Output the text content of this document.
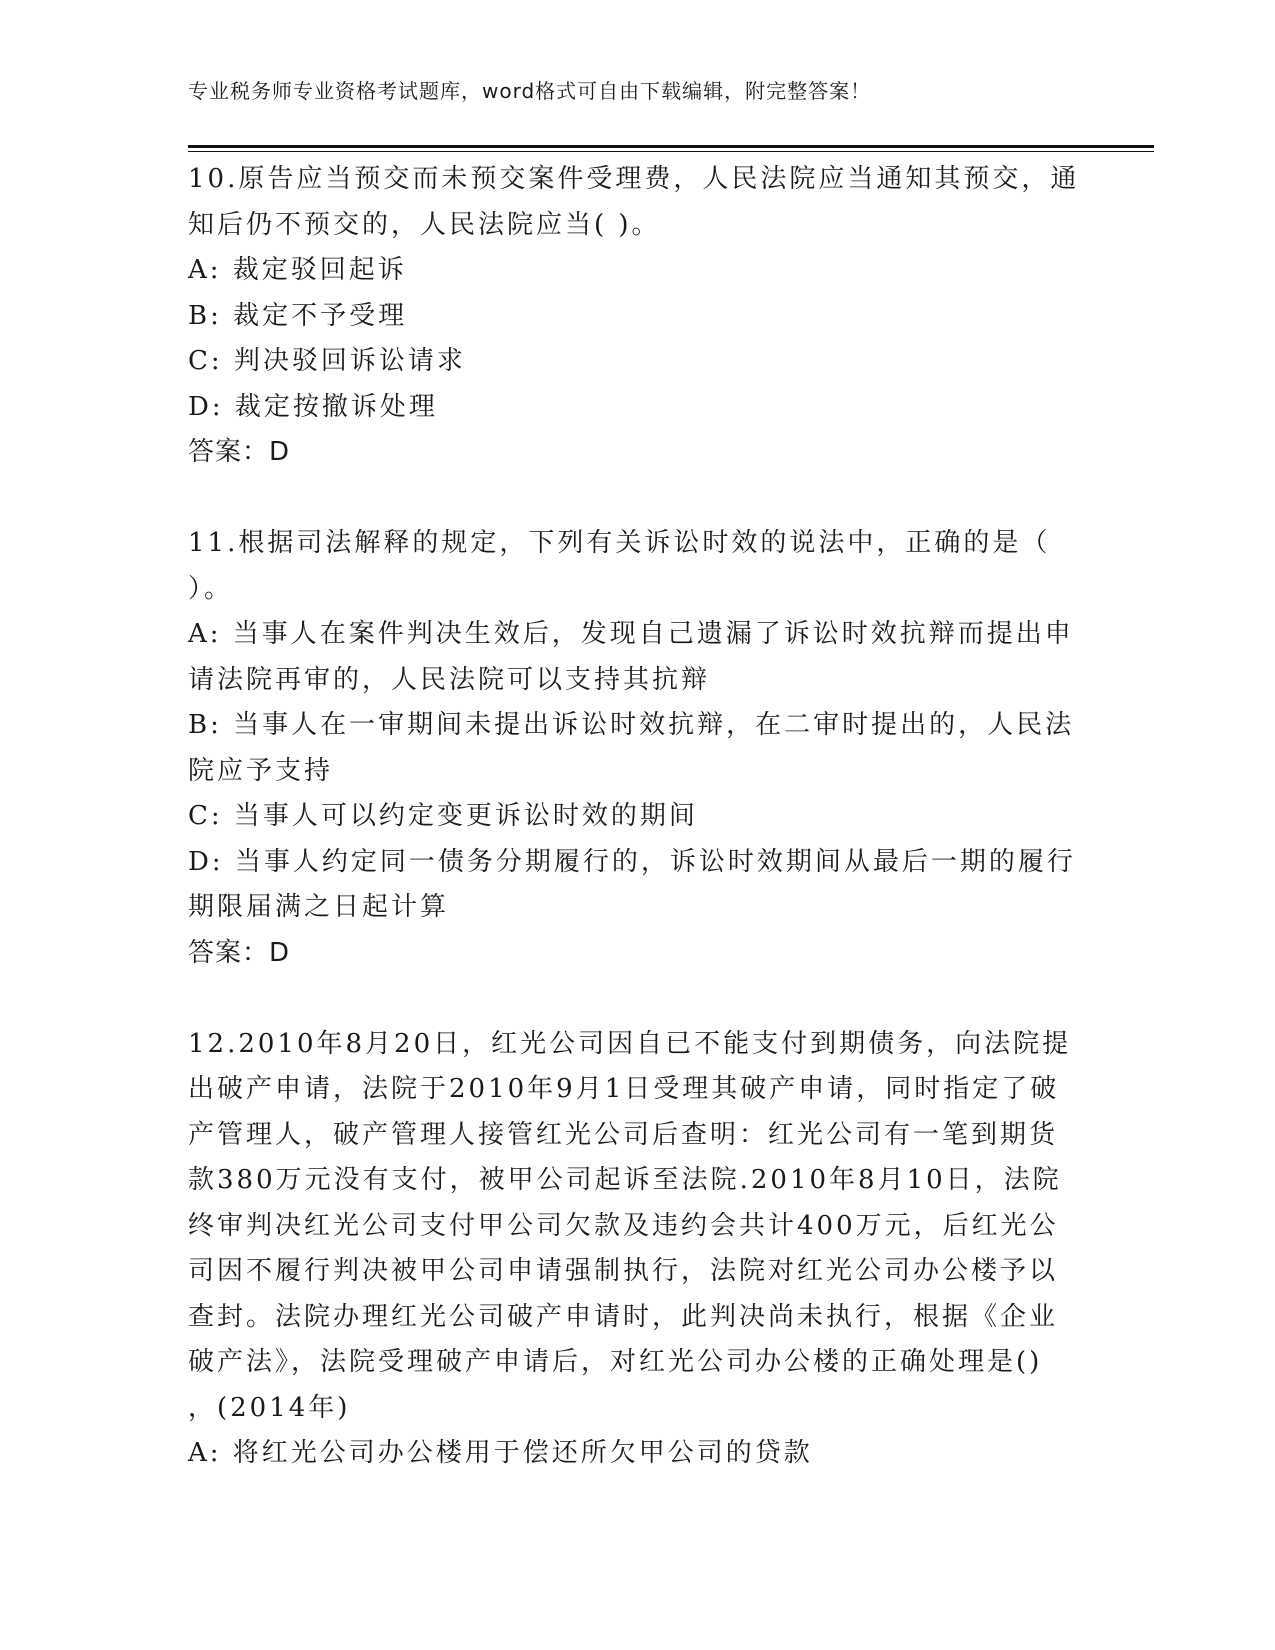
专业税务师专业资格考试题库，word格式可自由下载编辑，附完整答案！
10.原告应当预交而未预交案件受理费，人民法院应当通知其预交，通
知后仍不预交的，人民法院应当( )。
A: 裁定驳回起诉
B: 裁定不予受理
C: 判决驳回诉讼请求
D: 裁定按撤诉处理
答案：D
11.根据司法解释的规定，下列有关诉讼时效的说法中，正确的是（
）。
A: 当事人在案件判决生效后，发现自己遗漏了诉讼时效抗辩而提出申
请法院再审的，人民法院可以支持其抗辩
B: 当事人在一审期间未提出诉讼时效抗辩，在二审时提出的，人民法
院应予支持
C: 当事人可以约定变更诉讼时效的期间
D: 当事人约定同一债务分期履行的，诉讼时效期间从最后一期的履行
期限届满之日起计算
答案：D
12.2010年8月20日，红光公司因自已不能支付到期债务，向法院提
出破产申请，法院于2010年9月1日受理其破产申请，同时指定了破
产管理人，破产管理人接管红光公司后查明：红光公司有一笔到期货
款380万元没有支付，被甲公司起诉至法院.2010年8月10日，法院
终审判决红光公司支付甲公司欠款及违约会共计400万元，后红光公
司因不履行判决被甲公司申请强制执行，法院对红光公司办公楼予以
查封。法院办理红光公司破产申请时，此判决尚未执行，根据《企业
破产法》，法院受理破产申请后，对红光公司办公楼的正确处理是()
，(2014年)
A: 将红光公司办公楼用于偿还所欠甲公司的贷款
